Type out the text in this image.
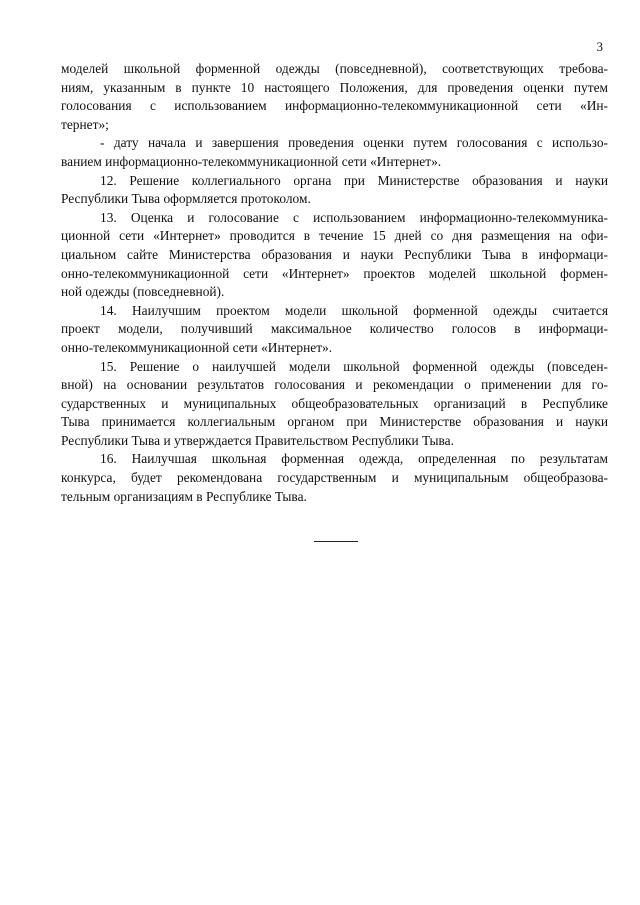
3
моделей школьной форменной одежды (повседневной), соответствующих требова-
ниям, указанным в пункте 10 настоящего Положения, для проведения оценки путем
голосования с использованием информационно-телекоммуникационной сети «Ин-
тернет»;
- дату начала и завершения проведения оценки путем голосования с использо-
ванием информационно-телекоммуникационной сети «Интернет».
12. Решение коллегиального органа при Министерстве образования и науки
Республики Тыва оформляется протоколом.
13. Оценка и голосование с использованием информационно-телекоммуника-
ционной сети «Интернет» проводится в течение 15 дней со дня размещения на офи-
циальном сайте Министерства образования и науки Республики Тыва в информаци-
онно-телекоммуникационной сети «Интернет» проектов моделей школьной формен-
ной одежды (повседневной).
14. Наилучшим проектом модели школьной форменной одежды считается
проект модели, получивший максимальное количество голосов в информаци-
онно-телекоммуникационной сети «Интернет».
15. Решение о наилучшей модели школьной форменной одежды (повседен-
вной) на основании результатов голосования и рекомендации о применении для го-
сударственных и муниципальных общеобразовательных организаций в Республике
Тыва принимается коллегиальным органом при Министерстве образования и науки
Республики Тыва и утверждается Правительством Республики Тыва.
16. Наилучшая школьная форменная одежда, определенная по результатам
конкурса, будет рекомендована государственным и муниципальным общеобразова-
тельным организациям в Республике Тыва.
